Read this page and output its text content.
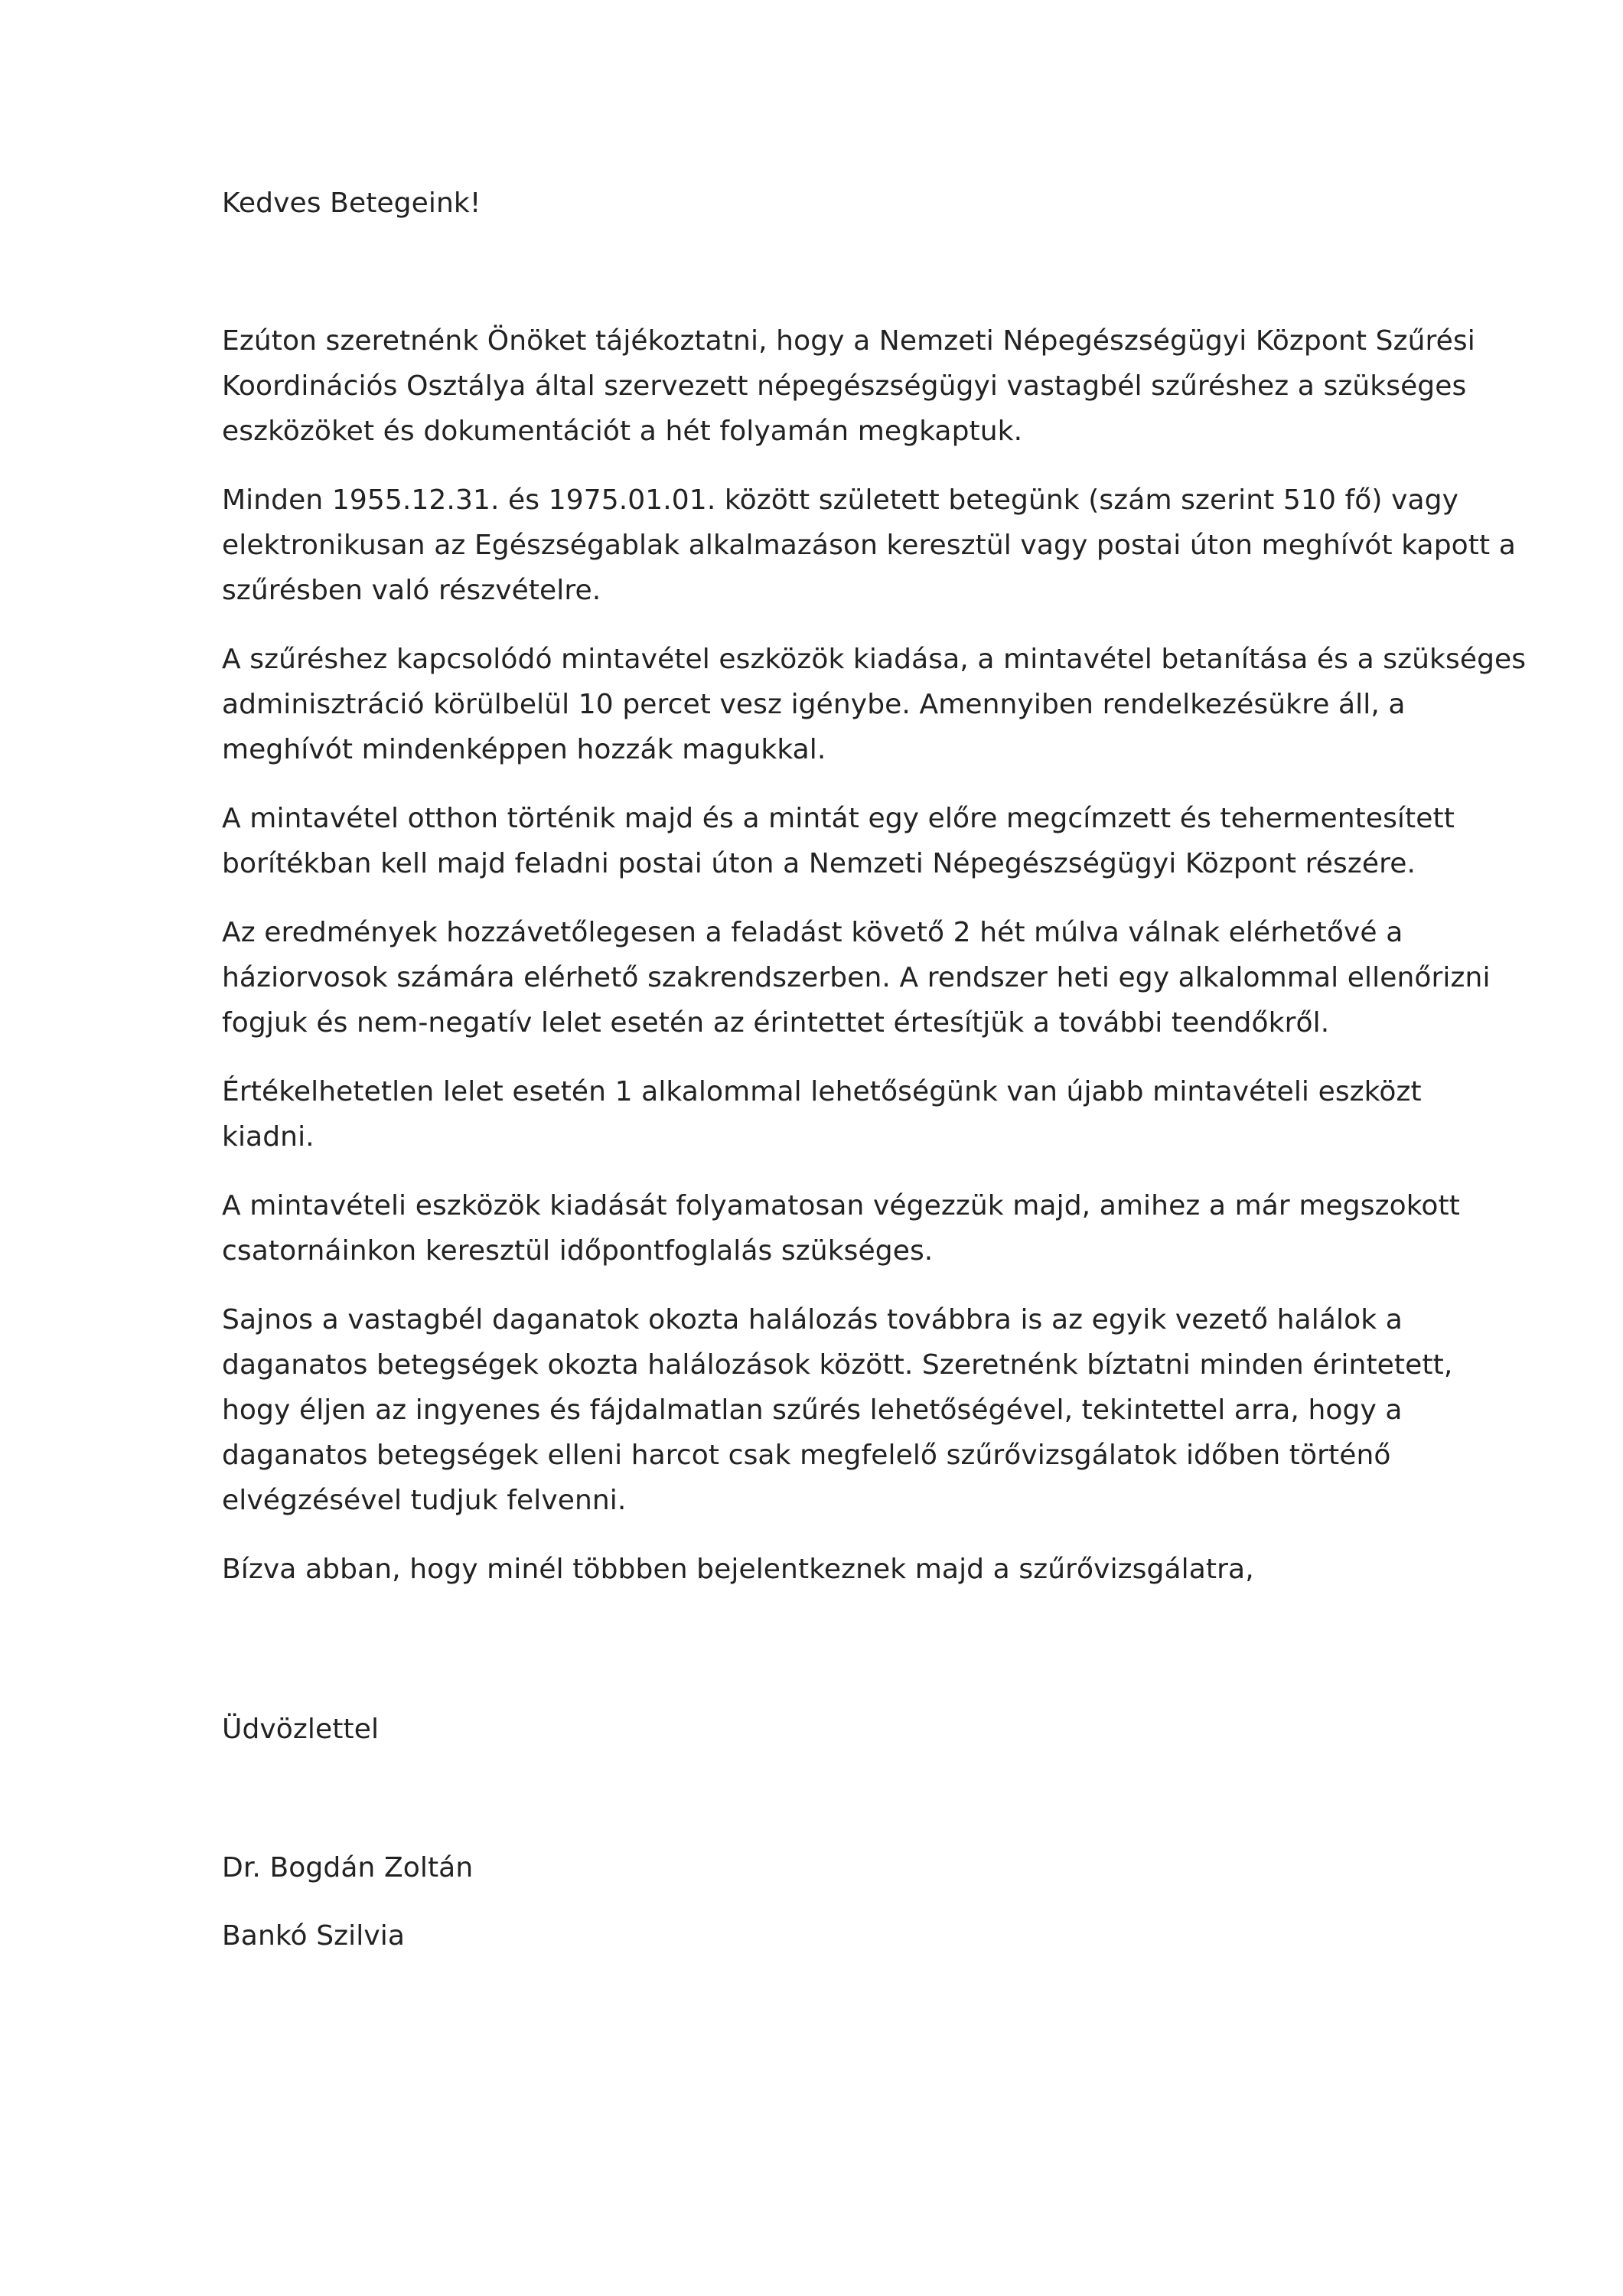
Kedves Betegeink!

Ezúton szeretnénk Önöket tájékoztatni, hogy a Nemzeti Népegészségügyi Központ Szűrési
Koordinációs Osztálya által szervezett népegészségügyi vastagbél szűréshez a szükséges
eszközöket és dokumentációt a hét folyamán megkaptuk.

Minden 1955.12.31. és 1975.01.01. között született betegünk (szám szerint 510 fő) vagy
elektronikusan az Egészségablak alkalmazáson keresztül vagy postai úton meghívót kapott a
szűrésben való részvételre.

A szűréshez kapcsolódó mintavétel eszközök kiadása, a mintavétel betanítása és a szükséges
adminisztráció körülbelül 10 percet vesz igénybe. Amennyiben rendelkezésükre áll, a
meghívót mindenképpen hozzák magukkal.

A mintavétel otthon történik majd és a mintát egy előre megcímzett és tehermentesített
borítékban kell majd feladni postai úton a Nemzeti Népegészségügyi Központ részére.

Az eredmények hozzávetőlegesen a feladást követő 2 hét múlva válnak elérhetővé a
háziorvosok számára elérhető szakrendszerben. A rendszer heti egy alkalommal ellenőrizni
fogjuk és nem-negatív lelet esetén az érintettet értesítjük a további teendőkről.

Értékelhetetlen lelet esetén 1 alkalommal lehetőségünk van újabb mintavételi eszközt
kiadni.

A mintavételi eszközök kiadását folyamatosan végezzük majd, amihez a már megszokott
csatornáinkon keresztül időpontfoglalás szükséges.

Sajnos a vastagbél daganatok okozta halálozás továbbra is az egyik vezető halálok a
daganatos betegségek okozta halálozások között. Szeretnénk bíztatni minden érintetett,
hogy éljen az ingyenes és fájdalmatlan szűrés lehetőségével, tekintettel arra, hogy a
daganatos betegségek elleni harcot csak megfelelő szűrővizsgálatok időben történő
elvégzésével tudjuk felvenni.

Bízva abban, hogy minél többben bejelentkeznek majd a szűrővizsgálatra,

Üdvözlettel

Dr. Bogdán Zoltán

Bankó Szilvia
